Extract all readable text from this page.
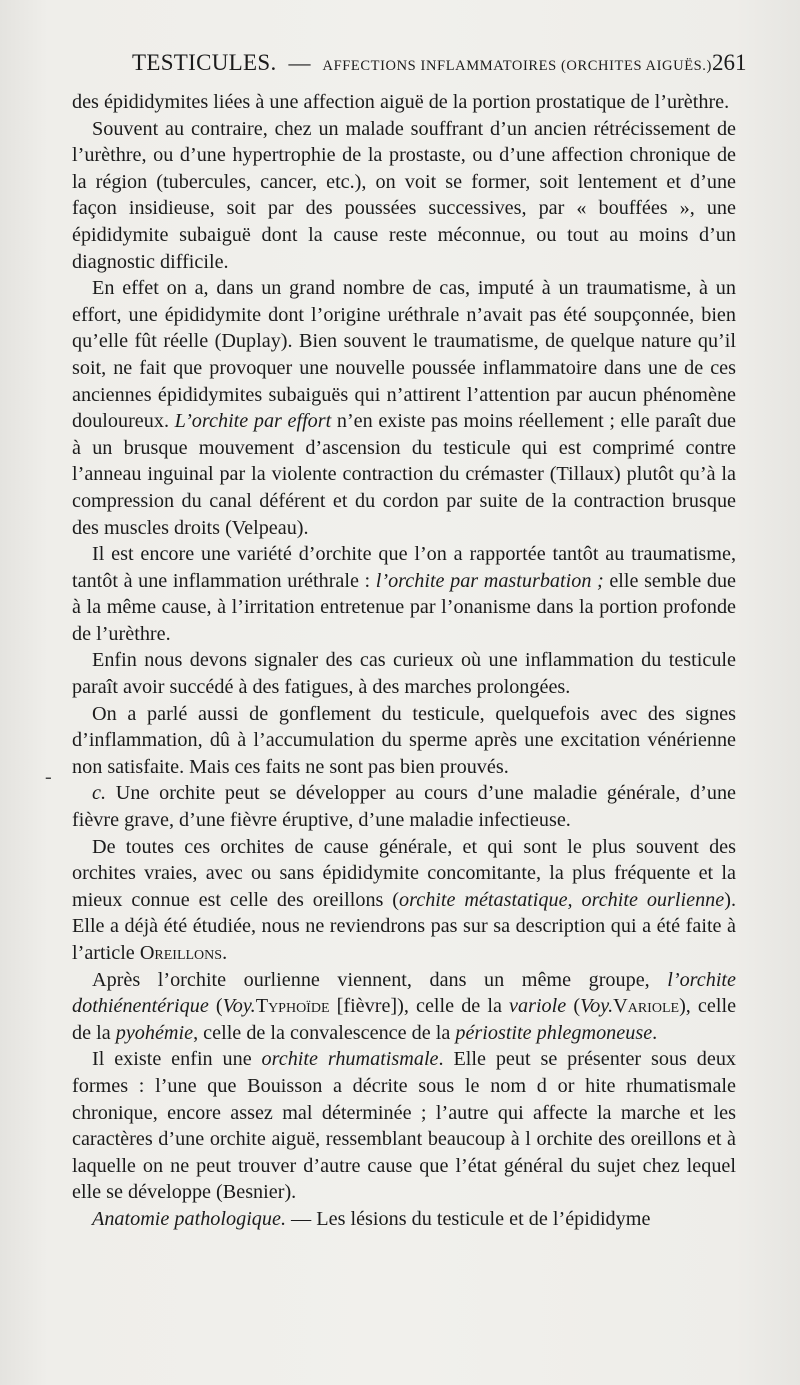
TESTICULES. — AFFECTIONS INFLAMMATOIRES (ORCHITES AIGUËS.) 261
-

des épididymites liées à une affection aiguë de la portion prostatique de l’urèthre.

Souvent au contraire, chez un malade souffrant d’un ancien rétrécissement de l’urèthre, ou d’une hypertrophie de la prostaste, ou d’une affection chronique de la région (tubercules, cancer, etc.), on voit se former, soit lentement et d’une façon insidieuse, soit par des poussées successives, par « bouffées », une épididymite subaiguë dont la cause reste méconnue, ou tout au moins d’un diagnostic difficile.

En effet on a, dans un grand nombre de cas, imputé à un traumatisme, à un effort, une épididymite dont l’origine uréthrale n’avait pas été soupçonnée, bien qu’elle fût réelle (Duplay). Bien souvent le traumatisme, de quelque nature qu’il soit, ne fait que provoquer une nouvelle poussée inflammatoire dans une de ces anciennes épididymites subaiguës qui n’attirent l’attention par aucun phénomène douloureux. L’orchite par effort n’en existe pas moins réellement ; elle paraît due à un brusque mouvement d’ascension du testicule qui est comprimé contre l’anneau inguinal par la violente contraction du crémaster (Tillaux) plutôt qu’à la compression du canal déférent et du cordon par suite de la contraction brusque des muscles droits (Velpeau).

Il est encore une variété d’orchite que l’on a rapportée tantôt au traumatisme, tantôt à une inflammation uréthrale : l’orchite par masturbation ; elle semble due à la même cause, à l’irritation entretenue par l’onanisme dans la portion profonde de l’urèthre.

Enfin nous devons signaler des cas curieux où une inflammation du testicule paraît avoir succédé à des fatigues, à des marches prolongées.

On a parlé aussi de gonflement du testicule, quelquefois avec des signes d’inflammation, dû à l’accumulation du sperme après une excitation vénérienne non satisfaite. Mais ces faits ne sont pas bien prouvés.

c. Une orchite peut se développer au cours d’une maladie générale, d’une fièvre grave, d’une fièvre éruptive, d’une maladie infectieuse.

De toutes ces orchites de cause générale, et qui sont le plus souvent des orchites vraies, avec ou sans épididymite concomitante, la plus fréquente et la mieux connue est celle des oreillons (orchite métastatique, orchite ourlienne). Elle a déjà été étudiée, nous ne reviendrons pas sur sa description qui a été faite à l’article Oreillons.

Après l’orchite ourlienne viennent, dans un même groupe, l’orchite dothiénentérique (Voy.Typhoïde [fièvre]), celle de la variole (Voy.Variole), celle de la pyohémie, celle de la convalescence de la périostite phlegmoneuse.

Il existe enfin une orchite rhumatismale. Elle peut se présenter sous deux formes : l’une que Bouisson a décrite sous le nom d or hite rhumatismale chronique, encore assez mal déterminée ; l’autre qui affecte la marche et les caractères d’une orchite aiguë, ressemblant beaucoup à l orchite des oreillons et à laquelle on ne peut trouver d’autre cause que l’état général du sujet chez lequel elle se développe (Besnier).

Anatomie pathologique. — Les lésions du testicule et de l’épididyme
